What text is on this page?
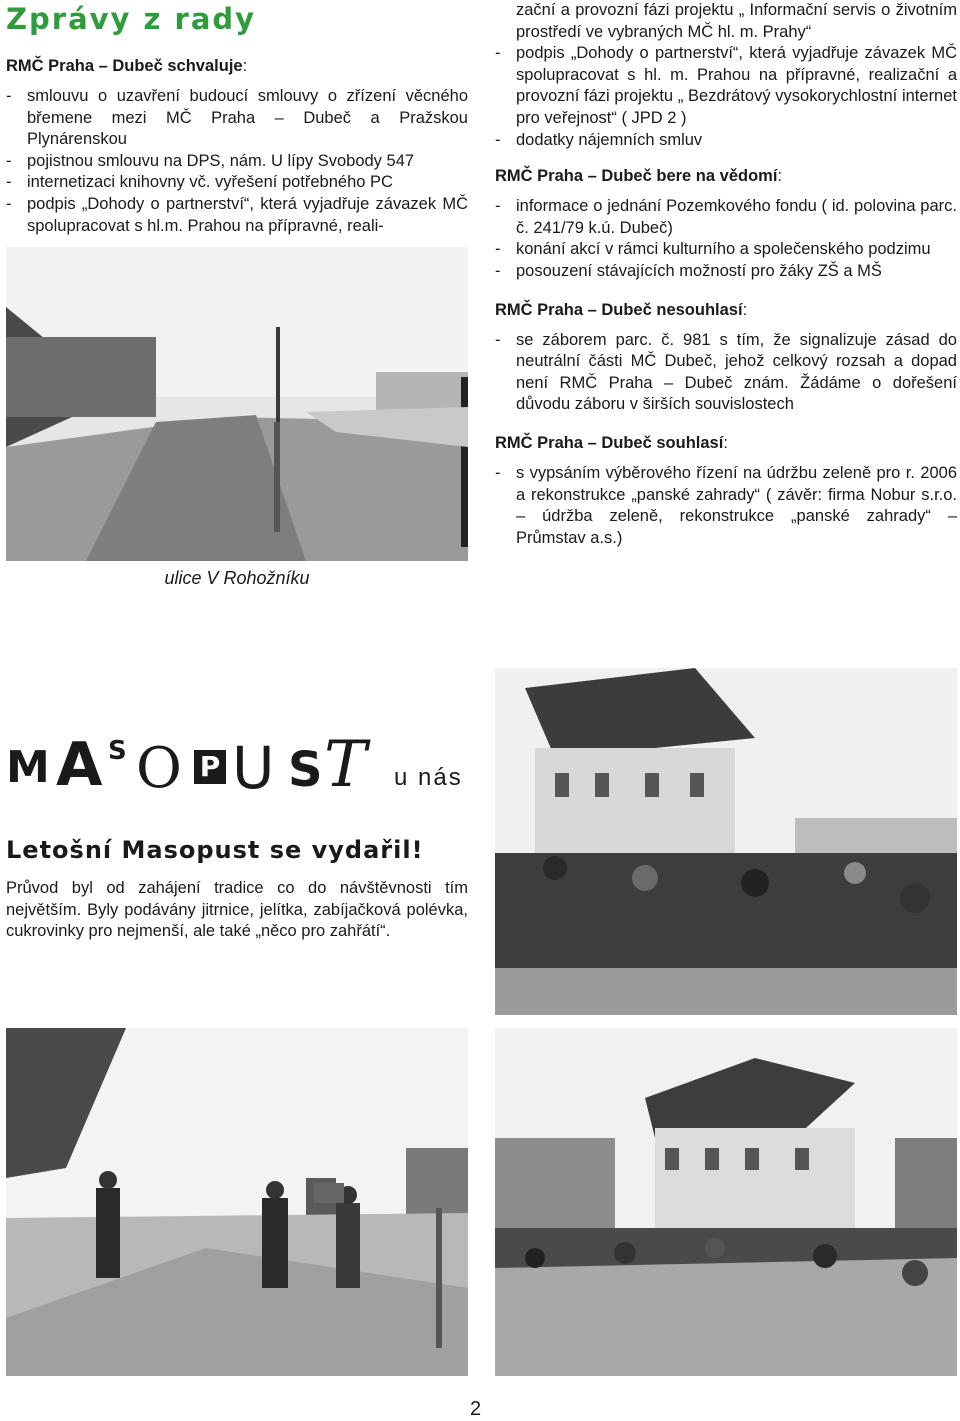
Zprávy z rady
RMČ Praha – Dubeč schvaluje:
- smlouvu o uzavření budoucí smlouvy o zřízení věcného břemene mezi MČ Praha – Dubeč a Pražskou Plynárenskou
- pojistnou smlouvu na DPS, nám. U lípy Svobody 547
- internetizaci knihovny vč. vyřešení potřebného PC
- podpis „Dohody o partnerství“, která vyjadřuje závazek MČ spolupracovat s hl.m. Prahou na přípravné, reali-
ulice V Rohožníku
zační a provozní fázi projektu „ Informační servis o životním prostředí ve vybraných MČ hl. m. Prahy“
- podpis „Dohody o partnerství“, která vyjadřuje závazek MČ spolupracovat s hl. m. Prahou na přípravné, realizační a provozní fázi projektu „ Bezdrátový vysokorychlostní internet pro veřejnost“ ( JPD 2 )
- dodatky nájemních smluv
RMČ Praha – Dubeč bere na vědomí:
- informace o jednání Pozemkového fondu ( id. polovina parc. č. 241/79 k.ú. Dubeč)
- konání akcí v rámci kulturního a společenského podzimu
- posouzení stávajících možností pro žáky ZŠ a MŠ
RMČ Praha – Dubeč nesouhlasí:
- se záborem parc. č. 981 s tím, že signalizuje zásad do neutrální části MČ Dubeč, jehož celkový rozsah a dopad není RMČ Praha – Dubeč znám. Žádáme o dořešení důvodu záboru v širších souvislostech
RMČ Praha – Dubeč souhlasí:
- s vypsáním výběrového řízení na údržbu zeleně pro r. 2006 a rekonstrukce „panské zahrady“ ( závěr: firma Nobur s.r.o. – údržba zeleně, rekonstrukce „panské zahrady“ – Průmstav a.s.)
M A S O P U S T u nás
Letošní Masopust se vydařil!
Průvod byl od zahájení tradice co do návštěvnosti tím největším. Byly podávány jitrnice, jelítka, zabíjačková polévka, cukrovinky pro nejmenší, ale také „něco pro zahřátí“.
2
